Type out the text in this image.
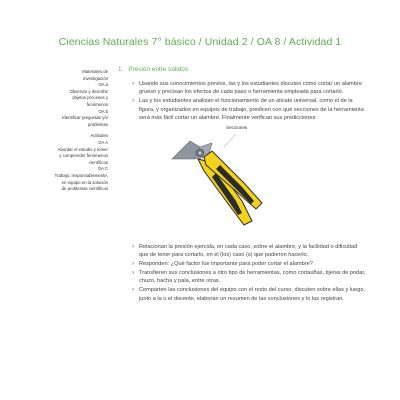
Ciencias Naturales 7° básico / Unidad 2 / OA 8 / Actividad 1
Materiales de
investigación
OA a
Observar y describir
objetos procesos y
fenómenos
OA b
Identificar preguntas y/o
problemas
Actitudes
OA A
Abordar el estudio y temer
y comprender fenómenos
científicos
OA C
Trabajo, responsablemente,
en equipo en la solución
de problemas científicos
1. Presión entre sólidos
› Usando sus conocimientos previos, las y los estudiantes discuten cómo cortar un alambre grueso y precisan los efectos de cada paso o herramienta empleada para cortarlo.
› Las y los estudiantes analizan el funcionamiento de un alicate universal, como el de la figura, y organizados en equipos de trabajo, predicen con qué secciones de la herramienta será más fácil cortar un alambre. Finalmente verifican sus predicciones:
Secciones
› Relacionan la presión ejercida, en cada caso, sobre el alambre, y la facilidad o dificultad que de tener para cortarlo, en el (los) caso (s) que pudieron hacerlo.
› Responden: ¿Qué factor fue importante para poder cortar el alambre?
› Transfieren sus conclusiones a otro tipo de herramientas, como cortaúñas, tijeras de podar, chuzo, hacha y pala, entre otras.
› Comparten las conclusiones del equipo con el resto del curso, discuten sobre ellas y luego, junto a la o el docente, elaboran un resumen de las conclusiones y lo las registran.
